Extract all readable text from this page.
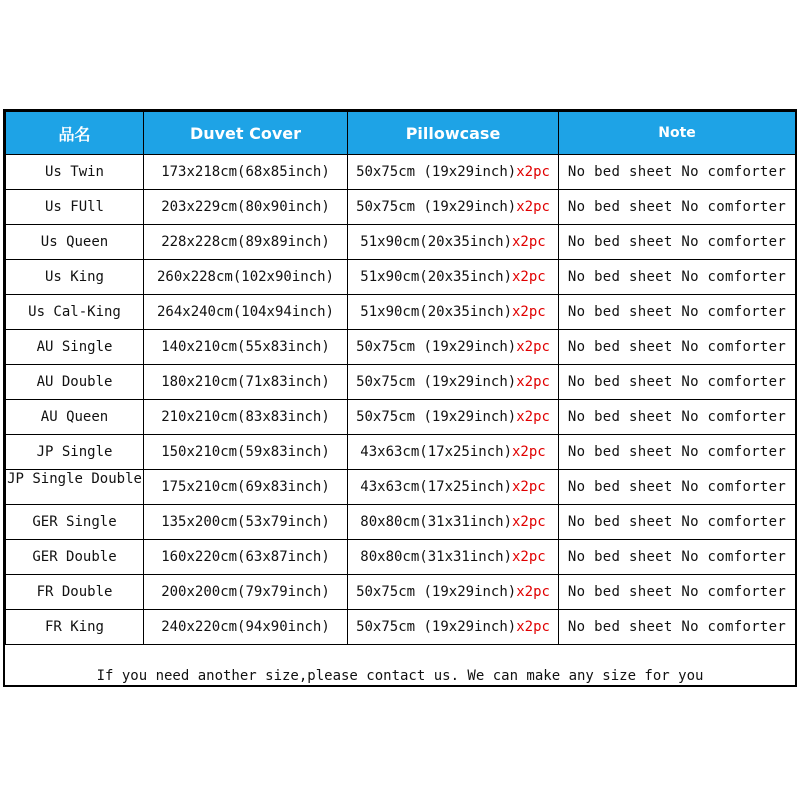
品名	Duvet Cover	Pillowcase	Note
Us Twin	173x218cm(68x85inch)	50x75cm (19x29inch)x2pc	No bed sheet No comforter
Us FUll	203x229cm(80x90inch)	50x75cm (19x29inch)x2pc	No bed sheet No comforter
Us Queen	228x228cm(89x89inch)	51x90cm(20x35inch)x2pc	No bed sheet No comforter
Us King	260x228cm(102x90inch)	51x90cm(20x35inch)x2pc	No bed sheet No comforter
Us Cal-King	264x240cm(104x94inch)	51x90cm(20x35inch)x2pc	No bed sheet No comforter
AU Single	140x210cm(55x83inch)	50x75cm (19x29inch)x2pc	No bed sheet No comforter
AU Double	180x210cm(71x83inch)	50x75cm (19x29inch)x2pc	No bed sheet No comforter
AU Queen	210x210cm(83x83inch)	50x75cm (19x29inch)x2pc	No bed sheet No comforter
JP Single	150x210cm(59x83inch)	43x63cm(17x25inch)x2pc	No bed sheet No comforter
JP Single Double	175x210cm(69x83inch)	43x63cm(17x25inch)x2pc	No bed sheet No comforter
GER Single	135x200cm(53x79inch)	80x80cm(31x31inch)x2pc	No bed sheet No comforter
GER Double	160x220cm(63x87inch)	80x80cm(31x31inch)x2pc	No bed sheet No comforter
FR Double	200x200cm(79x79inch)	50x75cm (19x29inch)x2pc	No bed sheet No comforter
FR King	240x220cm(94x90inch)	50x75cm (19x29inch)x2pc	No bed sheet No comforter
If you need another size,please contact us. We can make any size for you
